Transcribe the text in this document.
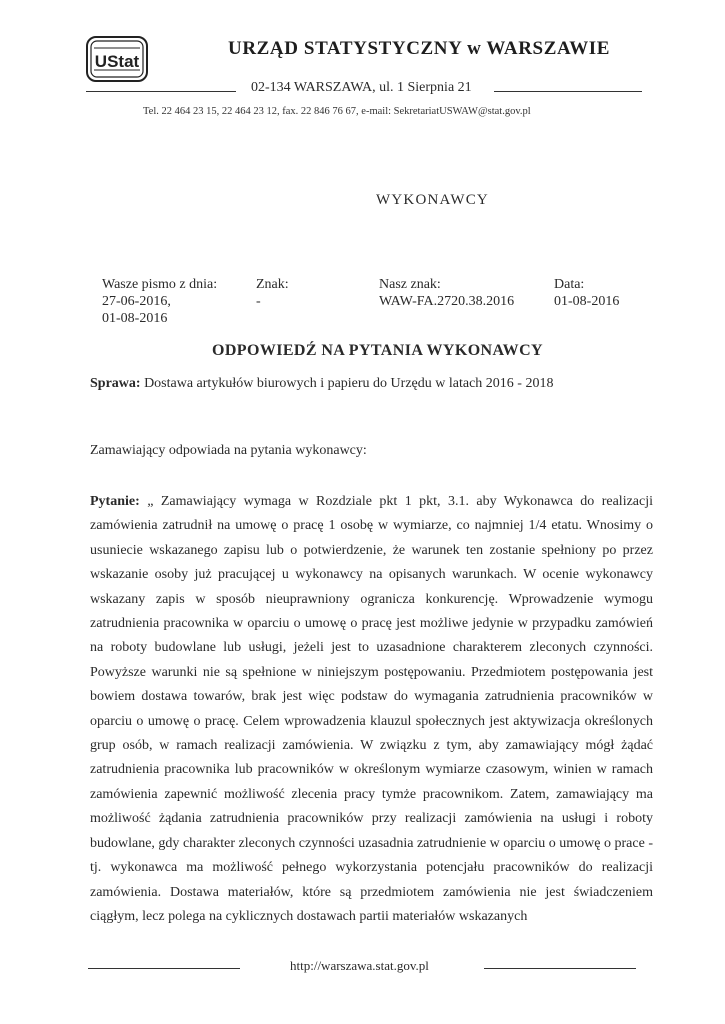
UStat
URZĄD STATYSTYCZNY w WARSZAWIE
02-134 WARSZAWA, ul. 1 Sierpnia 21
Tel. 22 464 23 15, 22 464 23 12, fax. 22 846 76 67, e-mail: SekretariatUSWAW@stat.gov.pl
WYKONAWCY
Wasze pismo z dnia:
27-06-2016,
01-08-2016
Znak:
-
Nasz znak:
WAW-FA.2720.38.2016
Data:
01-08-2016
ODPOWIEDŹ NA PYTANIA WYKONAWCY
Sprawa: Dostawa artykułów biurowych i papieru do Urzędu w latach 2016 - 2018
Zamawiający odpowiada na pytania wykonawcy:
Pytanie: „ Zamawiający wymaga w Rozdziale pkt 1 pkt, 3.1. aby Wykonawca do realizacji zamówienia zatrudnił na umowę o pracę 1 osobę w wymiarze, co najmniej 1/4 etatu. Wnosimy o usuniecie wskazanego zapisu lub o potwierdzenie, że warunek ten zostanie spełniony po przez wskazanie osoby już pracującej u wykonawcy na opisanych warunkach. W ocenie wykonawcy wskazany zapis w sposób nieuprawniony ogranicza konkurencję. Wprowadzenie wymogu zatrudnienia pracownika w oparciu o umowę o pracę jest możliwe jedynie w przypadku zamówień na roboty budowlane lub usługi, jeżeli jest to uzasadnione charakterem zleconych czynności. Powyższe warunki nie są spełnione w niniejszym postępowaniu. Przedmiotem postępowania jest bowiem dostawa towarów, brak jest więc podstaw do wymagania zatrudnienia pracowników w oparciu o umowę o pracę. Celem wprowadzenia klauzul społecznych jest aktywizacja określonych grup osób, w ramach realizacji zamówienia. W związku z tym, aby zamawiający mógł żądać zatrudnienia pracownika lub pracowników w określonym wymiarze czasowym, winien w ramach zamówienia zapewnić możliwość zlecenia pracy tymże pracownikom. Zatem, zamawiający ma możliwość żądania zatrudnienia pracowników przy realizacji zamówienia na usługi i roboty budowlane, gdy charakter zleconych czynności uzasadnia zatrudnienie w oparciu o umowę o prace - tj. wykonawca ma możliwość pełnego wykorzystania potencjału pracowników do realizacji zamówienia. Dostawa materiałów, które są przedmiotem zamówienia nie jest świadczeniem ciągłym, lecz polega na cyklicznych dostawach partii materiałów wskazanych
http://warszawa.stat.gov.pl
